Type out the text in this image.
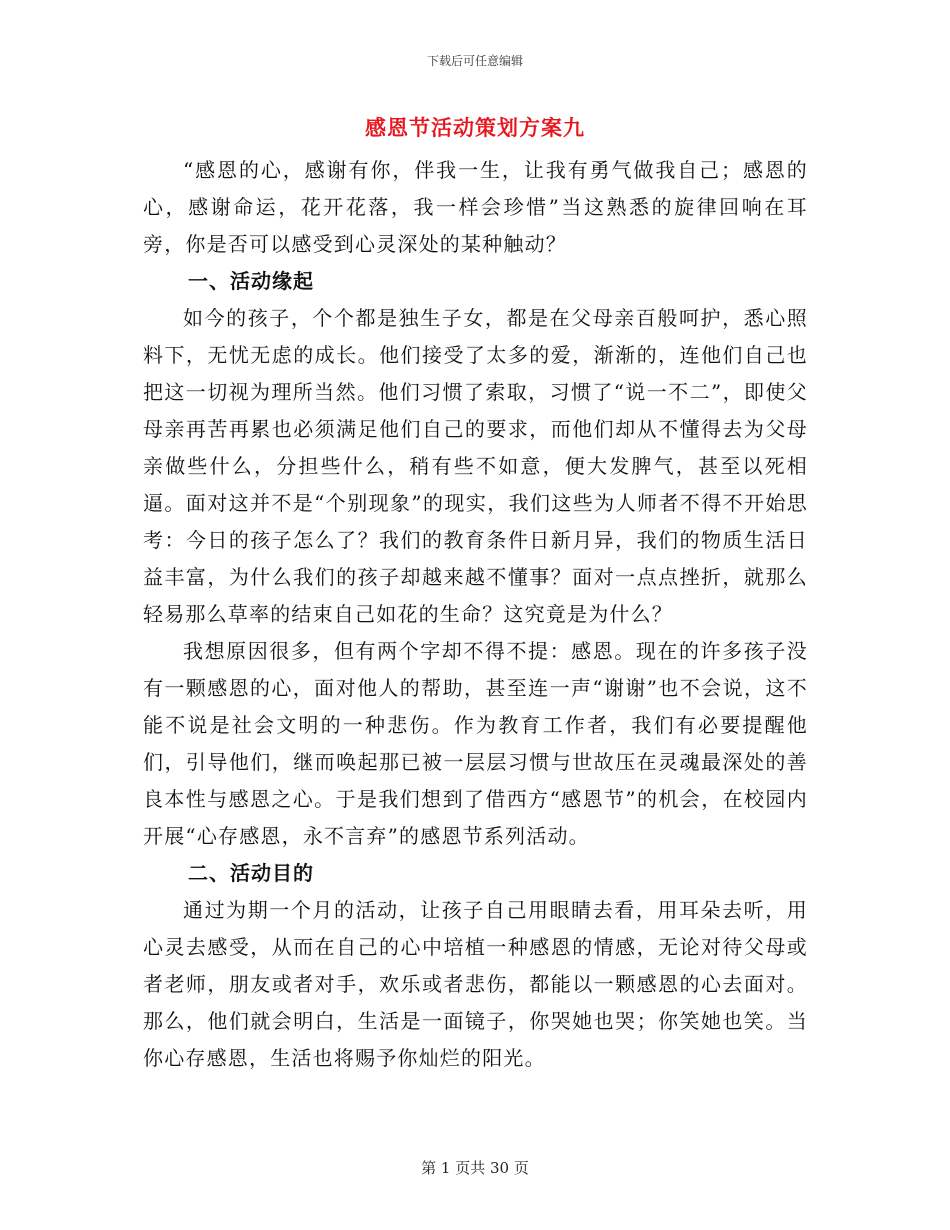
下载后可任意编辑
感恩节活动策划方案九

“感恩的心，感谢有你，伴我一生，让我有勇气做我自己；感恩的心，感谢命运，花开花落，我一样会珍惜”当这熟悉的旋律回响在耳旁，你是否可以感受到心灵深处的某种触动？

一、活动缘起

如今的孩子，个个都是独生子女，都是在父母亲百般呵护，悉心照料下，无忧无虑的成长。他们接受了太多的爱，渐渐的，连他们自己也把这一切视为理所当然。他们习惯了索取，习惯了“说一不二”，即使父母亲再苦再累也必须满足他们自己的要求，而他们却从不懂得去为父母亲做些什么，分担些什么，稍有些不如意，便大发脾气，甚至以死相逼。面对这并不是“个别现象”的现实，我们这些为人师者不得不开始思考：今日的孩子怎么了？我们的教育条件日新月异，我们的物质生活日益丰富，为什么我们的孩子却越来越不懂事？面对一点点挫折，就那么轻易那么草率的结束自己如花的生命？这究竟是为什么？

我想原因很多，但有两个字却不得不提：感恩。现在的许多孩子没有一颗感恩的心，面对他人的帮助，甚至连一声“谢谢”也不会说，这不能不说是社会文明的一种悲伤。作为教育工作者，我们有必要提醒他们，引导他们，继而唤起那已被一层层习惯与世故压在灵魂最深处的善良本性与感恩之心。于是我们想到了借西方“感恩节”的机会，在校园内开展“心存感恩，永不言弃”的感恩节系列活动。

二、活动目的

通过为期一个月的活动，让孩子自己用眼睛去看，用耳朵去听，用心灵去感受，从而在自己的心中培植一种感恩的情感，无论对待父母或者老师，朋友或者对手，欢乐或者悲伤，都能以一颗感恩的心去面对。那么，他们就会明白，生活是一面镜子，你哭她也哭；你笑她也笑。当你心存感恩，生活也将赐予你灿烂的阳光。

第 1 页共 30 页
